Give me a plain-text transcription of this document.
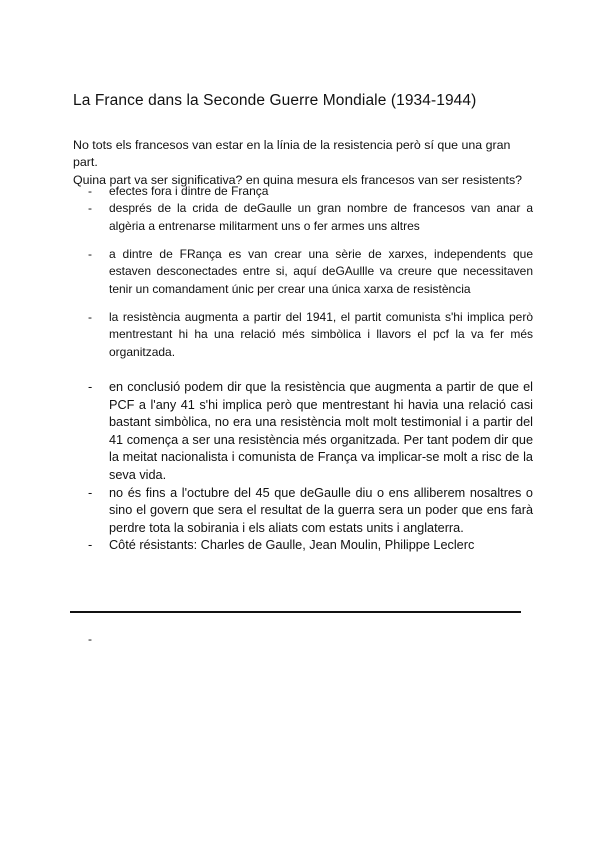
La France dans la Seconde Guerre Mondiale (1934-1944)
No tots els francesos van estar en la línia de la resistencia però sí que una gran part.
Quina part va ser significativa? en quina mesura els francesos van ser resistents?
- efectes fora i dintre de França
- després de la crida de deGaulle un gran nombre de francesos van anar a algèria a entrenarse militarment uns o fer armes uns altres
- a dintre de FRança es van crear una sèrie de xarxes, independents que estaven desconectades entre si, aquí deGAullle va creure que necessitaven tenir un comandament únic per crear una única xarxa de resistència
- la resistència augmenta a partir del 1941, el partit comunista s'hi implica però mentrestant hi ha una relació més simbòlica i llavors el pcf la va fer més organitzada.
- en conclusió podem dir que la resistència que augmenta a partir de que el PCF a l'any 41 s'hi implica però que mentrestant hi havia una relació casi bastant simbòlica, no era una resistència molt molt testimonial i a partir del 41 comença a ser una resistència més organitzada. Per tant podem dir que la meitat nacionalista i comunista de França va implicar-se molt a risc de la seva vida.
- no és fins a l'octubre del 45 que deGaulle diu o ens alliberem nosaltres o sino el govern que sera el resultat de la guerra sera un poder que ens farà perdre tota la sobirania i els aliats com estats units i anglaterra.
- Côté résistants: Charles de Gaulle, Jean Moulin, Philippe Leclerc
-
